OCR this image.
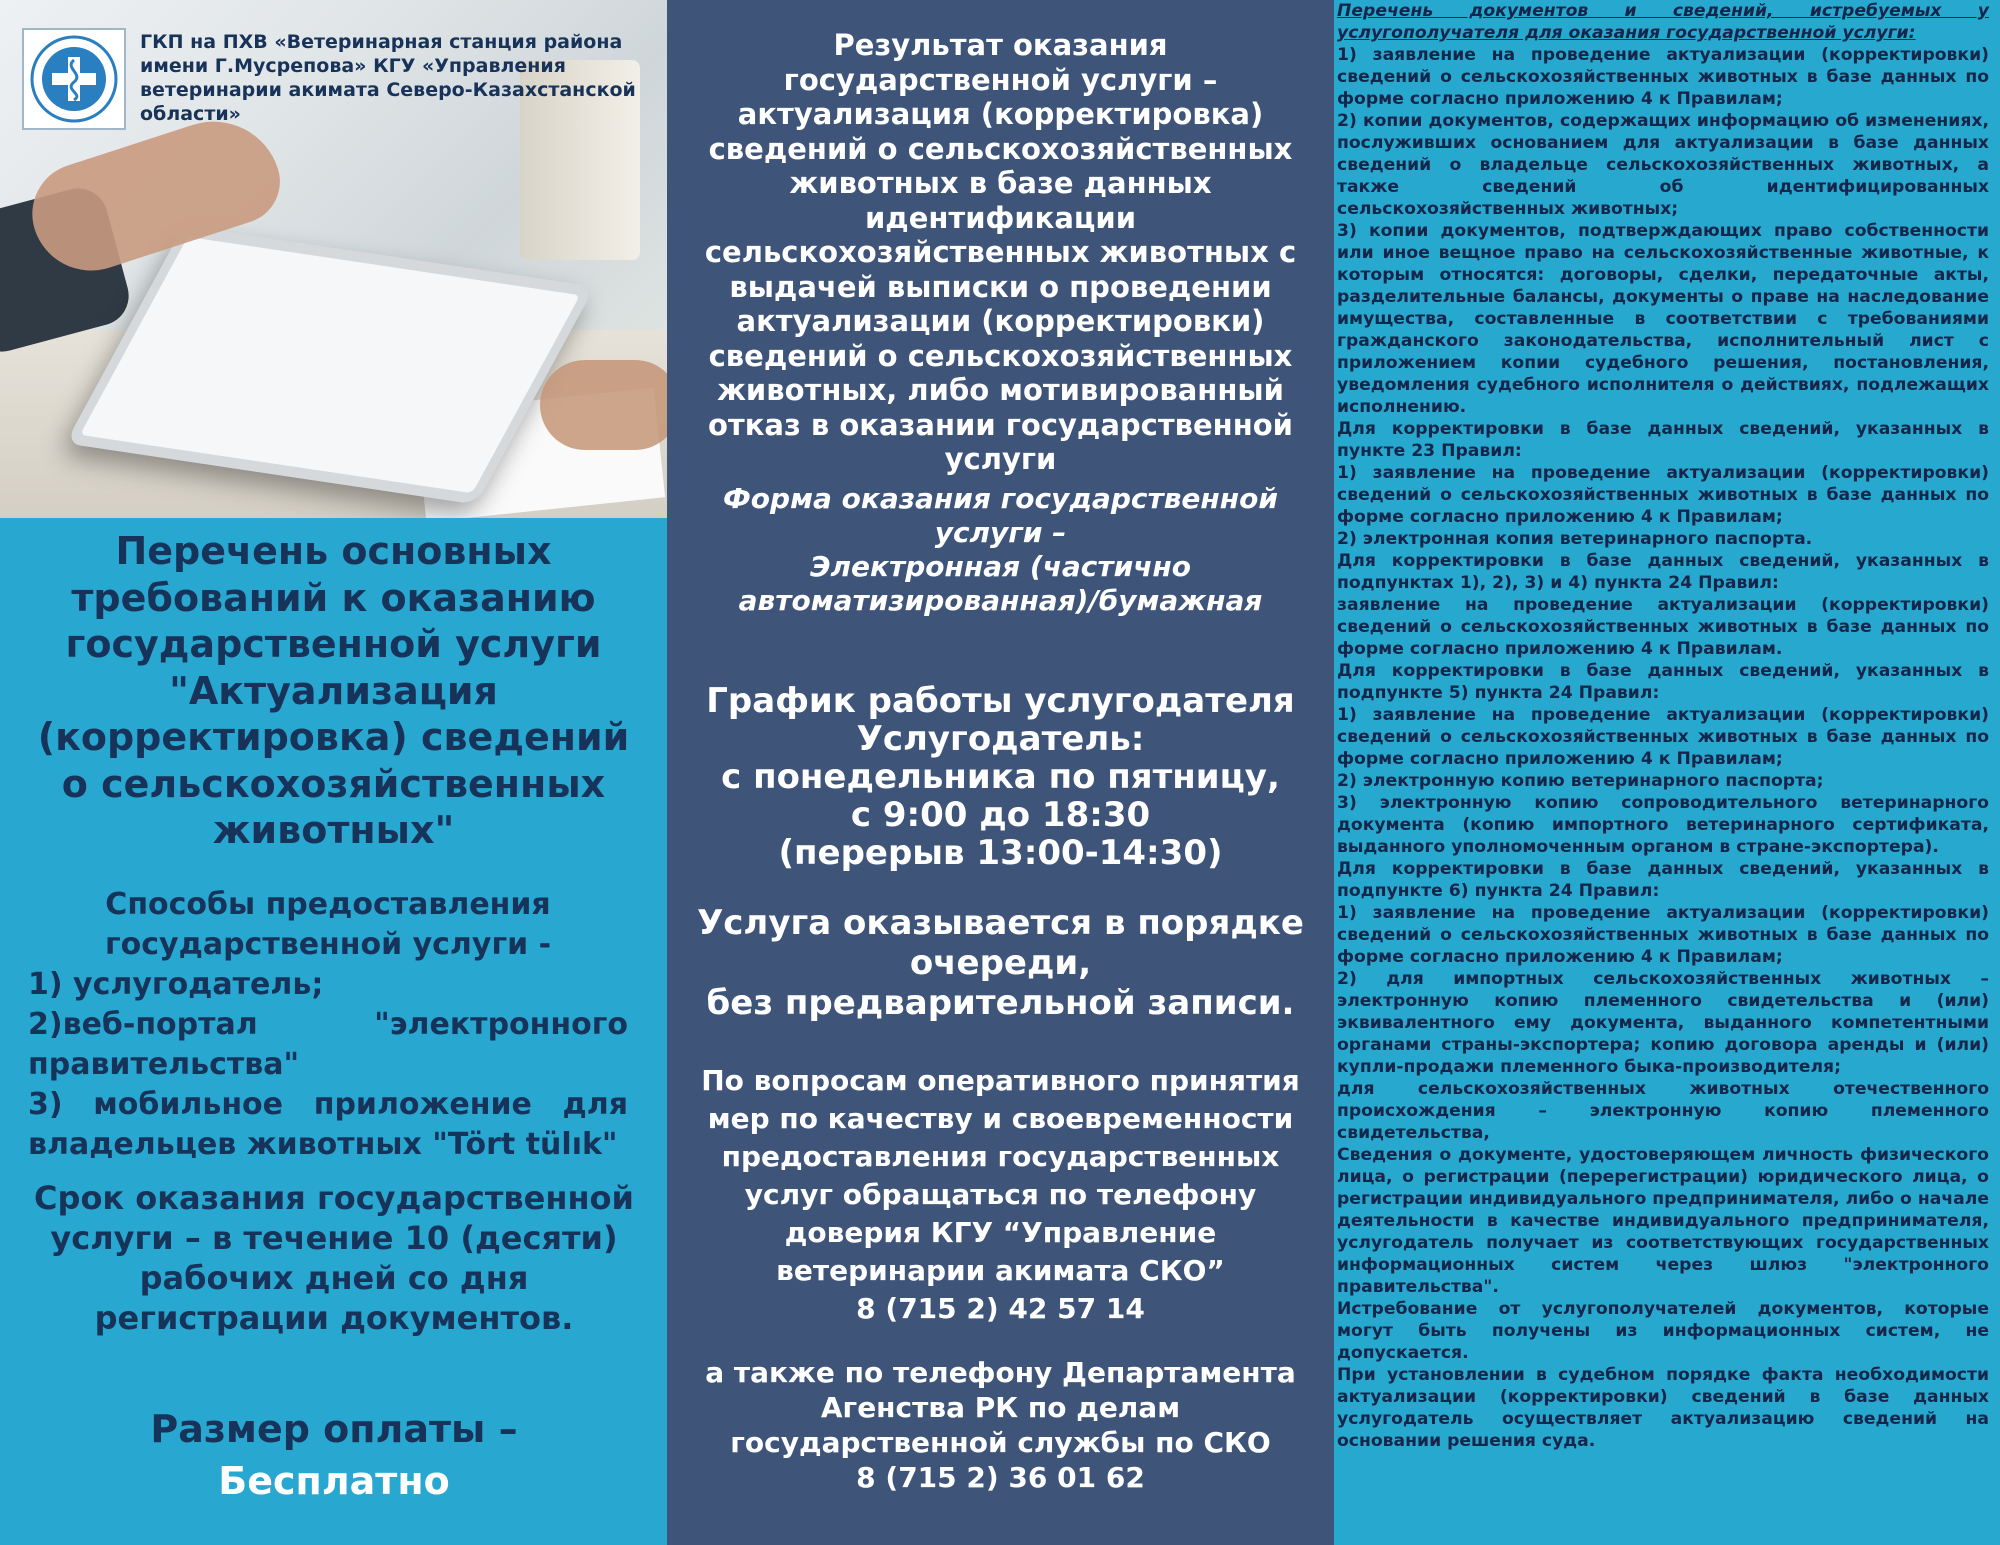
ГКП на ПХВ «Ветеринарная станция района имени Г.Мусрепова» КГУ «Управления ветеринарии акимата Северо-Казахстанской области»
Перечень основных требований к оказанию государственной услуги "Актуализация (корректировка) сведений о сельскохозяйственных животных"
Способы предоставления государственной услуги -
1) услугодатель;
2)веб-портал "электронного
правительства"
3) мобильное приложение для
владельцев животных "Tört tülık"
Срок оказания государственной услуги – в течение 10 (десяти) рабочих дней со дня регистрации документов.
Размер оплаты –
Бесплатно
Результат оказания государственной услуги – актуализация (корректировка) сведений о сельскохозяйственных животных в базе данных идентификации сельскохозяйственных животных с выдачей выписки о проведении актуализации (корректировки) сведений о сельскохозяйственных животных, либо мотивированный отказ в оказании государственной услуги
Форма оказания государственной услуги –
Электронная (частично автоматизированная)/бумажная
График работы услугодателя
Услугодатель:
с понедельника по пятницу,
с 9:00 до 18:30
(перерыв 13:00-14:30)
Услуга оказывается в порядке очереди,
без предварительной записи.
По вопросам оперативного принятия мер по качеству и своевременности предоставления государственных услуг обращаться по телефону доверия КГУ “Управление ветеринарии акимата СКО”
8 (715 2) 42 57 14
а также по телефону Департамента Агенства РК по делам государственной службы по СКО
8 (715 2) 36 01 62
Перечень документов и сведений, истребуемых у услугополучателя для оказания государственной услуги:
1) заявление на проведение актуализации (корректировки) сведений о сельскохозяйственных животных в базе данных по форме согласно приложению 4 к Правилам;
2) копии документов, содержащих информацию об изменениях, послуживших основанием для актуализации в базе данных сведений о владельце сельскохозяйственных животных, а также сведений об идентифицированных сельскохозяйственных животных;
3) копии документов, подтверждающих право собственности или иное вещное право на сельскохозяйственные животные, к которым относятся: договоры, сделки, передаточные акты, разделительные балансы, документы о праве на наследование имущества, составленные в соответствии с требованиями гражданского законодательства, исполнительный лист с приложением копии судебного решения, постановления, уведомления судебного исполнителя о действиях, подлежащих исполнению.
Для корректировки в базе данных сведений, указанных в пункте 23 Правил:
1) заявление на проведение актуализации (корректировки) сведений о сельскохозяйственных животных в базе данных по форме согласно приложению 4 к Правилам;
2) электронная копия ветеринарного паспорта.
Для корректировки в базе данных сведений, указанных в подпунктах 1), 2), 3) и 4) пункта 24 Правил:
заявление на проведение актуализации (корректировки) сведений о сельскохозяйственных животных в базе данных по форме согласно приложению 4 к Правилам.
Для корректировки в базе данных сведений, указанных в подпункте 5) пункта 24 Правил:
1) заявление на проведение актуализации (корректировки) сведений о сельскохозяйственных животных в базе данных по форме согласно приложению 4 к Правилам;
2) электронную копию ветеринарного паспорта;
3) электронную копию сопроводительного ветеринарного документа (копию импортного ветеринарного сертификата, выданного уполномоченным органом в стране-экспортера).
Для корректировки в базе данных сведений, указанных в подпункте 6) пункта 24 Правил:
1) заявление на проведение актуализации (корректировки) сведений о сельскохозяйственных животных в базе данных по форме согласно приложению 4 к Правилам;
2) для импортных сельскохозяйственных животных – электронную копию племенного свидетельства и (или) эквивалентного ему документа, выданного компетентными органами страны-экспортера; копию договора аренды и (или) купли-продажи племенного быка-производителя;
для сельскохозяйственных животных отечественного происхождения – электронную копию племенного свидетельства,
Сведения о документе, удостоверяющем личность физического лица, о регистрации (перерегистрации) юридического лица, о регистрации индивидуального предпринимателя, либо о начале деятельности в качестве индивидуального предпринимателя, услугодатель получает из соответствующих государственных информационных систем через шлюз "электронного правительства".
Истребование от услугополучателей документов, которые могут быть получены из информационных систем, не допускается.
При установлении в судебном порядке факта необходимости актуализации (корректировки) сведений в базе данных услугодатель осуществляет актуализацию сведений на основании решения суда.
